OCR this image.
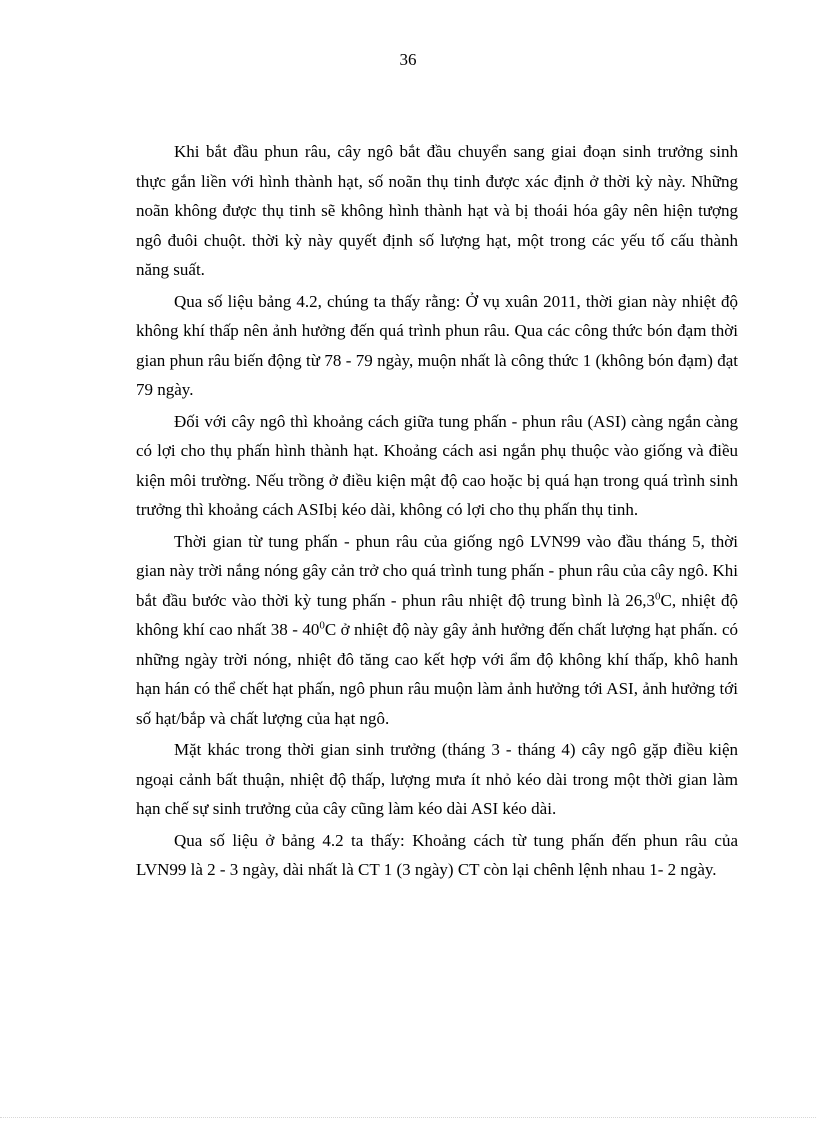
36

Khi bắt đầu phun râu, cây ngô bắt đầu chuyển sang giai đoạn sinh trưởng sinh thực gắn liền với hình thành hạt, số noãn thụ tinh được xác định ở thời kỳ này. Những noãn không được thụ tinh sẽ không hình thành hạt và bị thoái hóa gây nên hiện tượng ngô đuôi chuột. thời kỳ này quyết định số lượng hạt, một trong các yếu tố cấu thành năng suất.

Qua số liệu bảng 4.2, chúng ta thấy rằng: Ở vụ xuân 2011, thời gian này nhiệt độ không khí thấp nên ảnh hưởng đến quá trình phun râu. Qua các công thức bón đạm thời gian phun râu biến động từ 78 - 79 ngày, muộn nhất là công thức 1 (không bón đạm) đạt 79 ngày.

Đối với cây ngô thì khoảng cách giữa tung phấn - phun râu (ASI) càng ngắn càng có lợi cho thụ phấn hình thành hạt. Khoảng cách asi ngắn phụ thuộc vào giống và điều kiện môi trường. Nếu trồng ở điều kiện mật độ cao hoặc bị quá hạn trong quá trình sinh trưởng thì khoảng cách ASIbị kéo dài, không có lợi cho thụ phấn thụ tinh.

Thời gian từ tung phấn - phun râu của giống ngô LVN99 vào đầu tháng 5, thời gian này trời nắng nóng gây cản trở cho quá trình tung phấn - phun râu của cây ngô. Khi bắt đầu bước vào thời kỳ tung phấn - phun râu nhiệt độ trung bình là 26,3$^0$C, nhiệt độ không khí cao nhất $38 - 40^0C$ ở nhiệt độ này gây ảnh hưởng đến chất lượng hạt phấn. có những ngày trời nóng, nhiệt đô tăng cao kết hợp với ẩm độ không khí thấp, khô hanh hạn hán có thể chết hạt phấn, ngô phun râu muộn làm ảnh hưởng tới ASI, ảnh hưởng tới số hạt/bắp và chất lượng của hạt ngô.

Mặt khác trong thời gian sinh trưởng (tháng 3 - tháng 4) cây ngô gặp điều kiện ngoại cảnh bất thuận, nhiệt độ thấp, lượng mưa ít nhỏ kéo dài trong một thời gian làm hạn chế sự sinh trưởng của cây cũng làm kéo dài ASI kéo dài.

Qua số liệu ở bảng 4.2 ta thấy: Khoảng cách từ tung phấn đến phun râu của LVN99 là 2 - 3 ngày, dài nhất là CT 1 (3 ngày) CT còn lại chênh lệnh nhau 1- 2 ngày.
